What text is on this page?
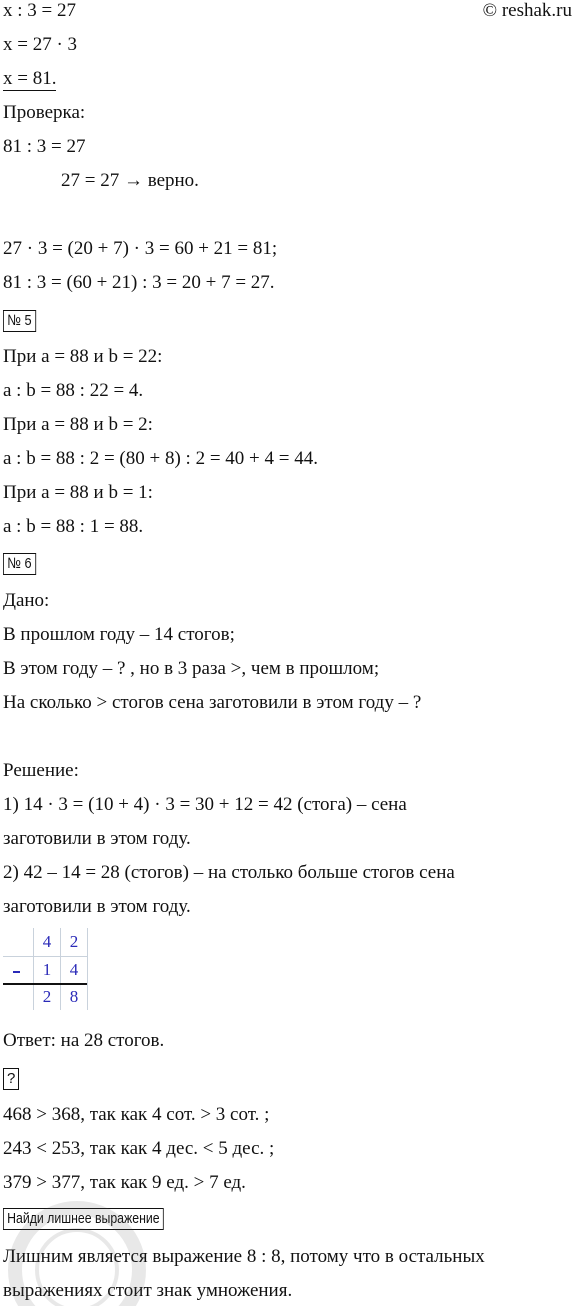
© reshak.ru
x : 3 = 27
x = 27 · 3
x = 81.
Проверка:
81 : 3 = 27
27 = 27 → верно.
27 · 3 = (20 + 7) · 3 = 60 + 21 = 81;
81 : 3 = (60 + 21) : 3 = 20 + 7 = 27.
№ 5
При a = 88 и b = 22:
a : b = 88 : 22 = 4.
При a = 88 и b = 2:
a : b = 88 : 2 = (80 + 8) : 2 = 40 + 4 = 44.
При a = 88 и b = 1:
a : b = 88 : 1 = 88.
№ 6
Дано:
В прошлом году – 14 стогов;
В этом году – ? , но в 3 раза >, чем в прошлом;
На сколько > стогов сена заготовили в этом году – ?
Решение:
1) 14 · 3 = (10 + 4) · 3 = 30 + 12 = 42 (стога) – сена
заготовили в этом году.
2) 42 – 14 = 28 (стогов) – на столько больше стогов сена
заготовили в этом году.
4	2
1	4
2	8
Ответ: на 28 стогов.
?
468 > 368, так как 4 сот. > 3 сот. ;
243 < 253, так как 4 дес. < 5 дес. ;
379 > 377, так как 9 ед. > 7 ед.
Найди лишнее выражение
Лишним является выражение 8 : 8, потому что в остальных
выражениях стоит знак умножения.
